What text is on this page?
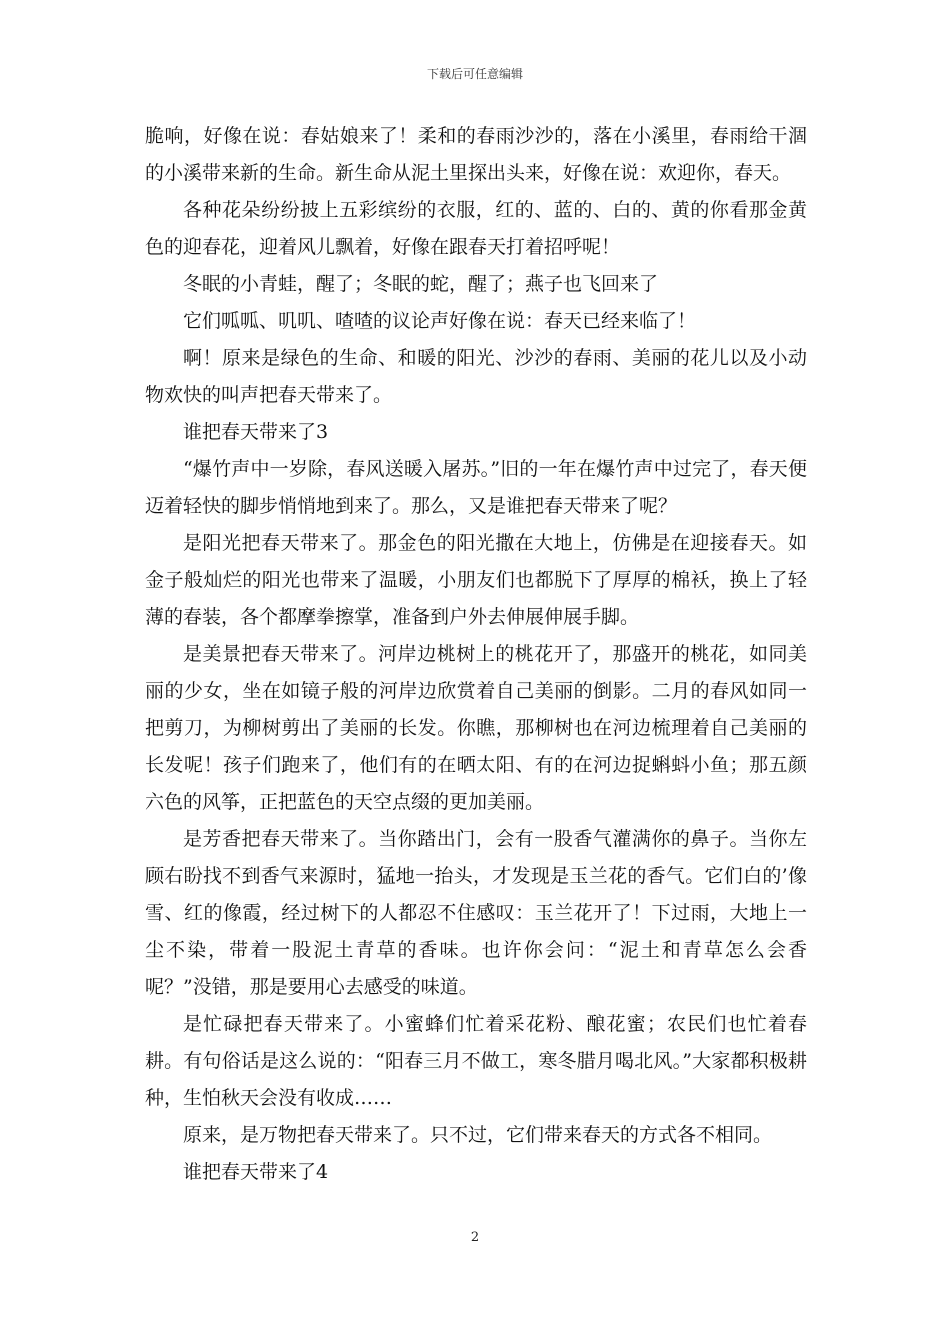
下载后可任意编辑

脆响，好像在说：春姑娘来了！柔和的春雨沙沙的，落在小溪里，春雨给干涸的小溪带来新的生命。新生命从泥土里探出头来，好像在说：欢迎你，春天。

各种花朵纷纷披上五彩缤纷的衣服，红的、蓝的、白的、黄的你看那金黄色的迎春花，迎着风儿飘着，好像在跟春天打着招呼呢！

冬眠的小青蛙，醒了；冬眠的蛇，醒了；燕子也飞回来了

它们呱呱、叽叽、喳喳的议论声好像在说：春天已经来临了！

啊！原来是绿色的生命、和暖的阳光、沙沙的春雨、美丽的花儿以及小动物欢快的叫声把春天带来了。

谁把春天带来了3

“爆竹声中一岁除，春风送暖入屠苏。”旧的一年在爆竹声中过完了，春天便迈着轻快的脚步悄悄地到来了。那么，又是谁把春天带来了呢？

是阳光把春天带来了。那金色的阳光撒在大地上，仿佛是在迎接春天。如金子般灿烂的阳光也带来了温暖，小朋友们也都脱下了厚厚的棉袄，换上了轻薄的春装，各个都摩拳擦掌，准备到户外去伸展伸展手脚。

是美景把春天带来了。河岸边桃树上的桃花开了，那盛开的桃花，如同美丽的少女，坐在如镜子般的河岸边欣赏着自己美丽的倒影。二月的春风如同一把剪刀，为柳树剪出了美丽的长发。你瞧，那柳树也在河边梳理着自己美丽的长发呢！孩子们跑来了，他们有的在晒太阳、有的在河边捉蝌蚪小鱼；那五颜六色的风筝，正把蓝色的天空点缀的更加美丽。

是芳香把春天带来了。当你踏出门，会有一股香气灌满你的鼻子。当你左顾右盼找不到香气来源时，猛地一抬头，才发现是玉兰花的香气。它们白的’像雪、红的像霞，经过树下的人都忍不住感叹：玉兰花开了！下过雨，大地上一尘不染，带着一股泥土青草的香味。也许你会问：“泥土和青草怎么会香呢？”没错，那是要用心去感受的味道。

是忙碌把春天带来了。小蜜蜂们忙着采花粉、酿花蜜；农民们也忙着春耕。有句俗话是这么说的：“阳春三月不做工，寒冬腊月喝北风。”大家都积极耕种，生怕秋天会没有收成……

原来，是万物把春天带来了。只不过，它们带来春天的方式各不相同。

谁把春天带来了4

2
